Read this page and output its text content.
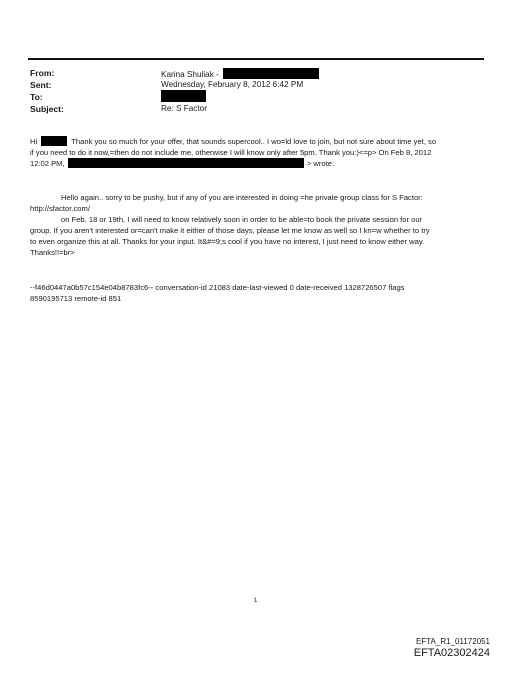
From:
Sent:
To:
Subject:
Karina Shuliak -
Wednesday, February 8, 2012 6:42 PM
Re: S Factor
Hi	Thank you so much for your offer, that sounds supercool.. I wo=ld love to join, but not sure about time yet, so
if you need to do it now,=then do not include me, otherwise I will know only after 5pm. Thank you:)<=p> On Feb 8, 2012
12:02 PM,	> wrote:
Hello again.. sorry to be pushy, but if any of you are interested in doing =he private group class for S Factor:
http://sfactor.com/
on Feb. 18 or 19th, I will need to know relatively soon in order to be able=to book the private session for our
group. If you aren't interested or=can't make it either of those days, please let me know as well so I kn=w whether to try
to even organize this at all. Thanks for your input. It&#=9;s cool if you have no interest, I just need to know either way.
Thanks!!=br>
--f46d0447a0b57c154e04b8783fc6-- conversation-id 21083 date-last-viewed 0 date-received 1328726507 flags
8590195713 remote-id 851
1
EFTA_R1_01172051
EFTA02302424
